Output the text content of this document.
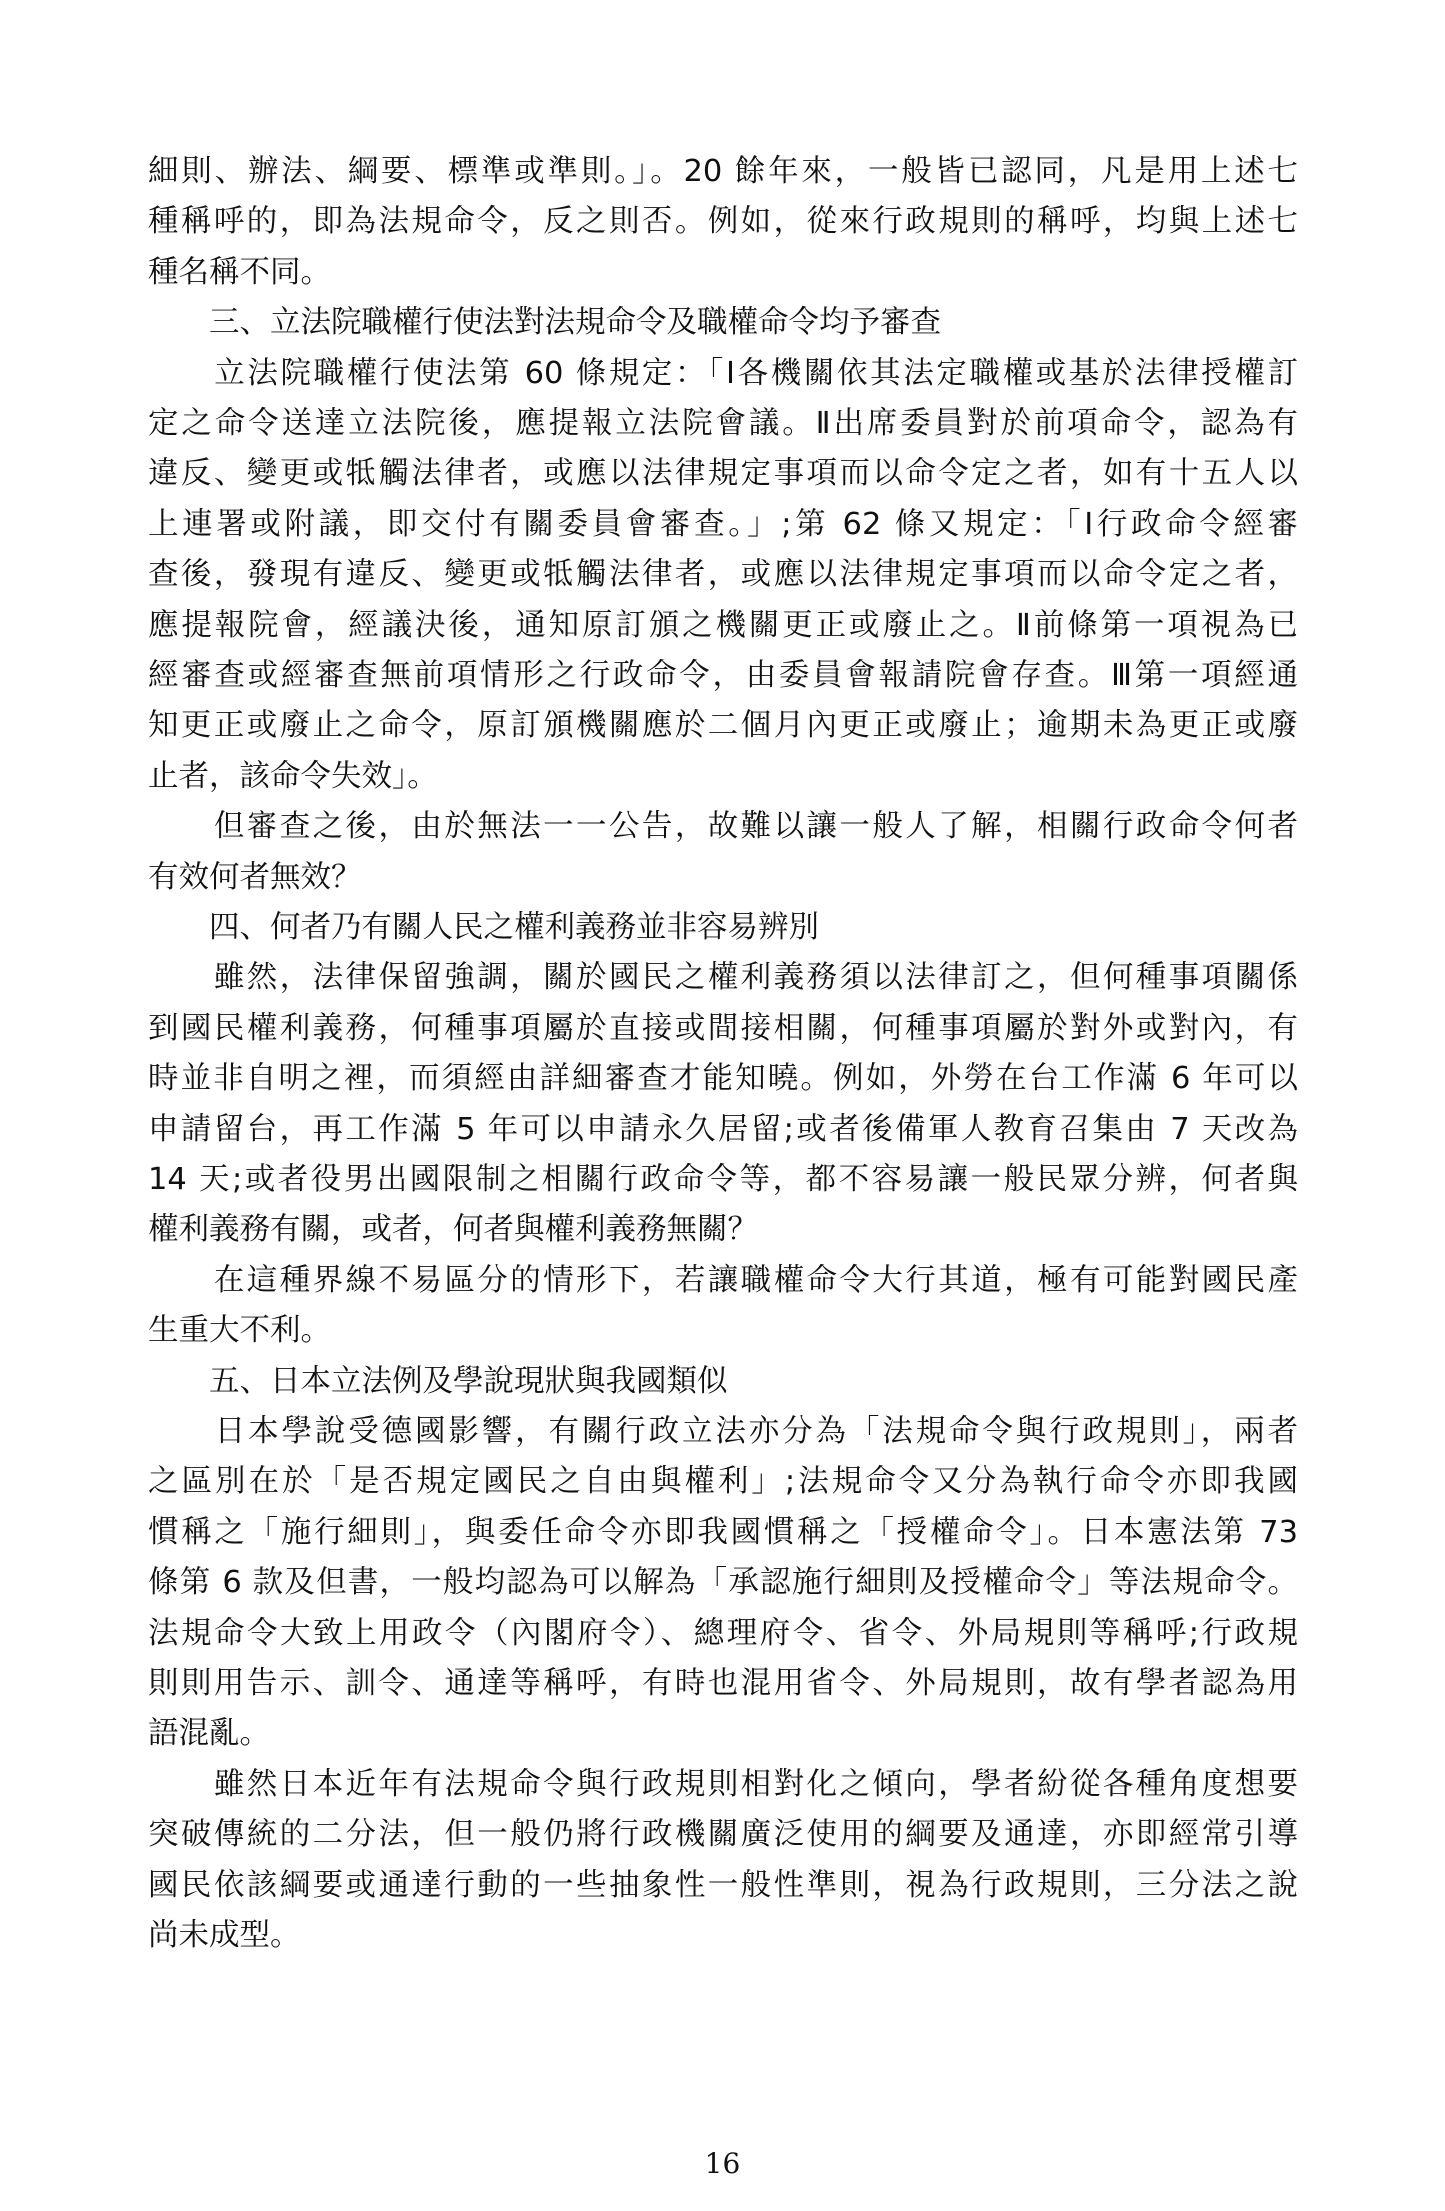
細則、辦法、綱要、標準或準則。」。20 餘年來，一般皆已認同，凡是用上述七
種稱呼的，即為法規命令，反之則否。例如，從來行政規則的稱呼，均與上述七
種名稱不同。
　　三、立法院職權行使法對法規命令及職權命令均予審查
　　立法院職權行使法第 60 條規定：「Ⅰ各機關依其法定職權或基於法律授權訂
定之命令送達立法院後，應提報立法院會議。Ⅱ出席委員對於前項命令，認為有
違反、變更或牴觸法律者，或應以法律規定事項而以命令定之者，如有十五人以
上連署或附議，即交付有關委員會審查。」;第 62 條又規定：「Ⅰ行政命令經審
查後，發現有違反、變更或牴觸法律者，或應以法律規定事項而以命令定之者，
應提報院會，經議決後，通知原訂頒之機關更正或廢止之。Ⅱ前條第一項視為已
經審查或經審查無前項情形之行政命令，由委員會報請院會存查。Ⅲ第一項經通
知更正或廢止之命令，原訂頒機關應於二個月內更正或廢止；逾期未為更正或廢
止者，該命令失效」。
　　但審查之後，由於無法一一公告，故難以讓一般人了解，相關行政命令何者
有效何者無效？
　　四、何者乃有關人民之權利義務並非容易辨別
　　雖然，法律保留強調，關於國民之權利義務須以法律訂之，但何種事項關係
到國民權利義務，何種事項屬於直接或間接相關，何種事項屬於對外或對內，有
時並非自明之裡，而須經由詳細審查才能知曉。例如，外勞在台工作滿 6 年可以
申請留台，再工作滿 5 年可以申請永久居留;或者後備軍人教育召集由 7 天改為
14 天;或者役男出國限制之相關行政命令等，都不容易讓一般民眾分辨，何者與
權利義務有關，或者，何者與權利義務無關？
　　在這種界線不易區分的情形下，若讓職權命令大行其道，極有可能對國民產
生重大不利。
　　五、日本立法例及學說現狀與我國類似
　　日本學說受德國影響，有關行政立法亦分為「法規命令與行政規則」，兩者
之區別在於「是否規定國民之自由與權利」;法規命令又分為執行命令亦即我國
慣稱之「施行細則」，與委任命令亦即我國慣稱之「授權命令」。日本憲法第 73
條第 6 款及但書，一般均認為可以解為「承認施行細則及授權命令」等法規命令。
法規命令大致上用政令（內閣府令）、總理府令、省令、外局規則等稱呼;行政規
則則用告示、訓令、通達等稱呼，有時也混用省令、外局規則，故有學者認為用
語混亂。
　　雖然日本近年有法規命令與行政規則相對化之傾向，學者紛從各種角度想要
突破傳統的二分法，但一般仍將行政機關廣泛使用的綱要及通達，亦即經常引導
國民依該綱要或通達行動的一些抽象性一般性準則，視為行政規則，三分法之說
尚未成型。
16
